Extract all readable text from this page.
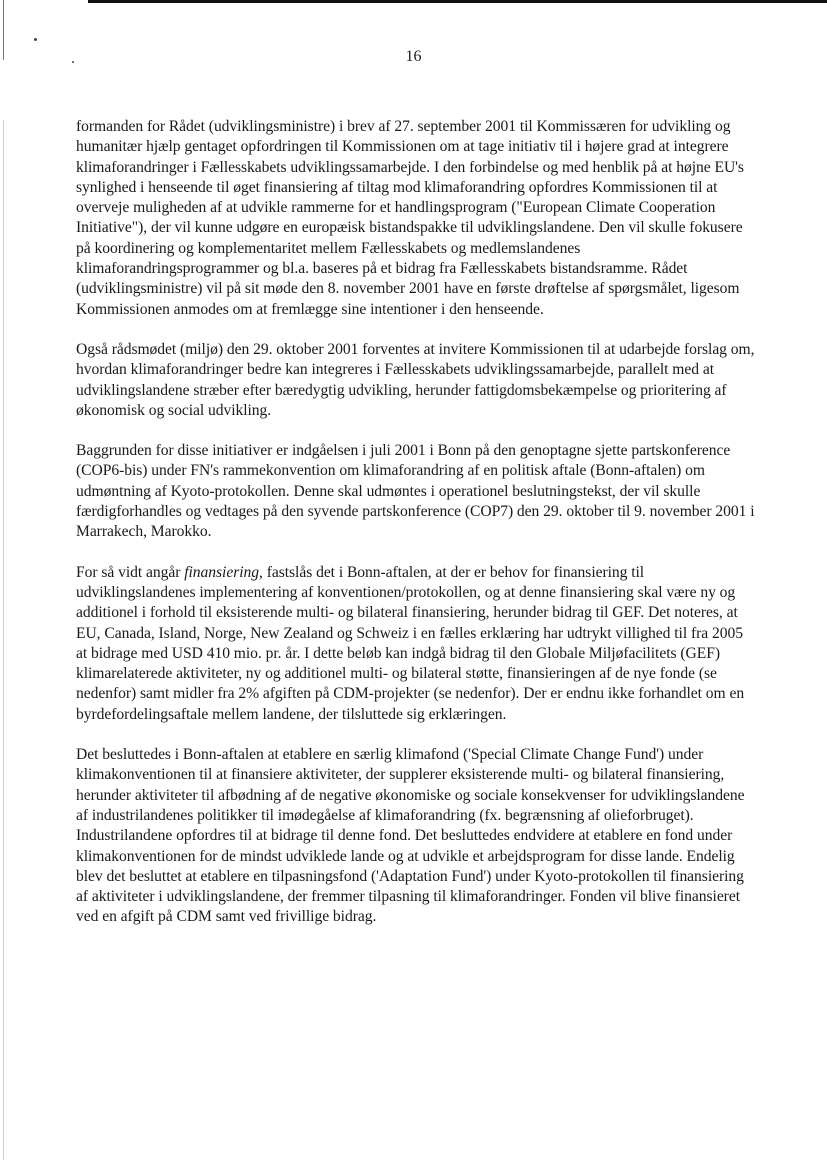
16

formanden for Rådet (udviklingsministre) i brev af 27. september 2001 til Kommissæren for udvikling og humanitær hjælp gentaget opfordringen til Kommissionen om at tage initiativ til i højere grad at integrere klimaforandringer i Fællesskabets udviklingssamarbejde. I den forbindelse og med henblik på at højne EU's synlighed i henseende til øget finansiering af tiltag mod klimaforandring opfordres Kommissionen til at overveje muligheden af at udvikle rammerne for et handlingsprogram ("European Climate Cooperation Initiative"), der vil kunne udgøre en europæisk bistandspakke til udviklingslandene. Den vil skulle fokusere på koordinering og komplementaritet mellem Fællesskabets og medlemslandenes klimaforandringsprogrammer og bl.a. baseres på et bidrag fra Fællesskabets bistandsramme. Rådet (udviklingsministre) vil på sit møde den 8. november 2001 have en første drøftelse af spørgsmålet, ligesom Kommissionen anmodes om at fremlægge sine intentioner i den henseende.

Også rådsmødet (miljø) den 29. oktober 2001 forventes at invitere Kommissionen til at udarbejde forslag om, hvordan klimaforandringer bedre kan integreres i Fællesskabets udviklingssamarbejde, parallelt med at udviklingslandene stræber efter bæredygtig udvikling, herunder fattigdomsbekæmpelse og prioritering af økonomisk og social udvikling.

Baggrunden for disse initiativer er indgåelsen i juli 2001 i Bonn på den genoptagne sjette partskonference (COP6-bis) under FN's rammekonvention om klimaforandring af en politisk aftale (Bonn-aftalen) om udmøntning af Kyoto-protokollen. Denne skal udmøntes i operationel beslutningstekst, der vil skulle færdigforhandles og vedtages på den syvende partskonference (COP7) den 29. oktober til 9. november 2001 i Marrakech, Marokko.

For så vidt angår finansiering, fastslås det i Bonn-aftalen, at der er behov for finansiering til udviklingslandenes implementering af konventionen/protokollen, og at denne finansiering skal være ny og additionel i forhold til eksisterende multi- og bilateral finansiering, herunder bidrag til GEF. Det noteres, at EU, Canada, Island, Norge, New Zealand og Schweiz i en fælles erklæring har udtrykt villighed til fra 2005 at bidrage med USD 410 mio. pr. år. I dette beløb kan indgå bidrag til den Globale Miljøfacilitets (GEF) klimarelaterede aktiviteter, ny og additionel multi- og bilateral støtte, finansieringen af de nye fonde (se nedenfor) samt midler fra 2% afgiften på CDM-projekter (se nedenfor). Der er endnu ikke forhandlet om en byrdefordelingsaftale mellem landene, der tilsluttede sig erklæringen.

Det besluttedes i Bonn-aftalen at etablere en særlig klimafond ('Special Climate Change Fund') under klimakonventionen til at finansiere aktiviteter, der supplerer eksisterende multi- og bilateral finansiering, herunder aktiviteter til afbødning af de negative økonomiske og sociale konsekvenser for udviklingslandene af industrilandenes politikker til imødegåelse af klimaforandring (fx. begrænsning af olieforbruget). Industrilandene opfordres til at bidrage til denne fond. Det besluttedes endvidere at etablere en fond under klimakonventionen for de mindst udviklede lande og at udvikle et arbejdsprogram for disse lande. Endelig blev det besluttet at etablere en tilpasningsfond ('Adaptation Fund') under Kyoto-protokollen til finansiering af aktiviteter i udviklingslandene, der fremmer tilpasning til klimaforandringer. Fonden vil blive finansieret ved en afgift på CDM samt ved frivillige bidrag.
